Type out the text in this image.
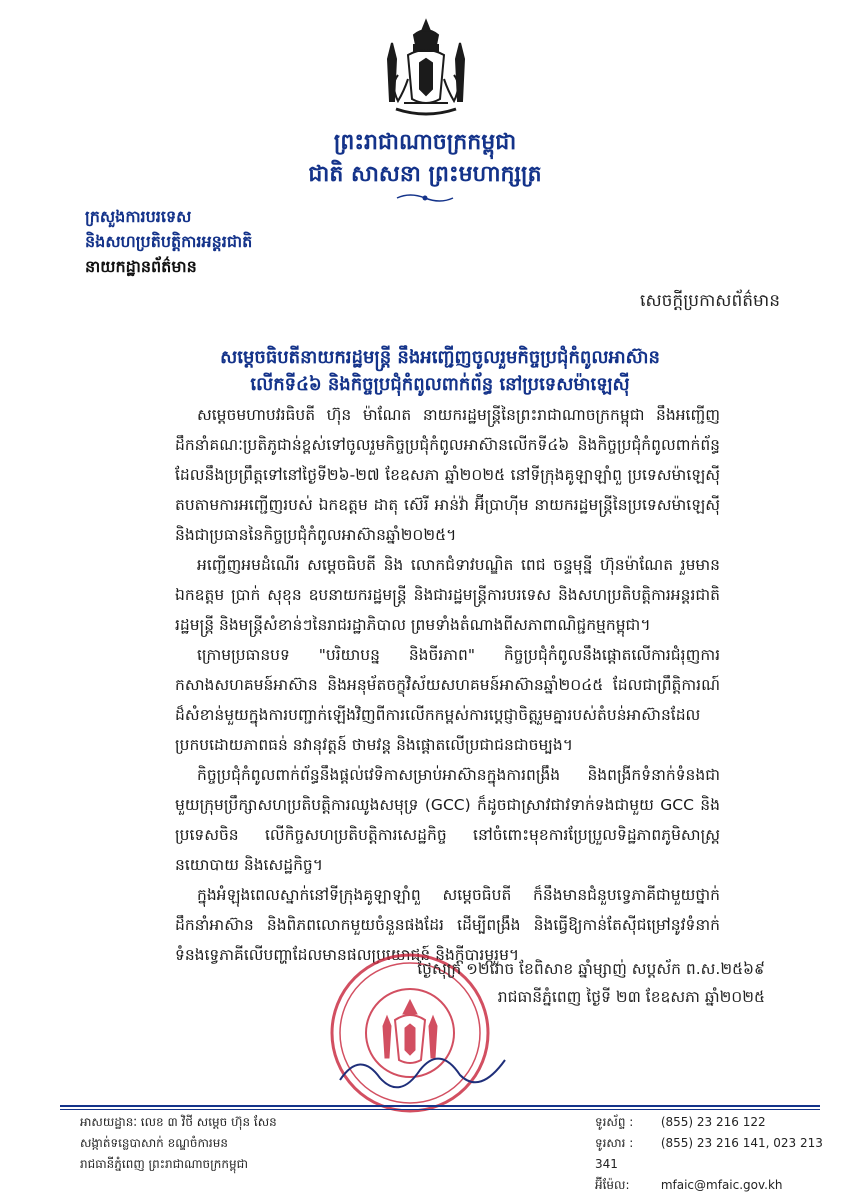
ព្រះរាជាណាចក្រកម្ពុជា
ជាតិ សាសនា ព្រះមហាក្សត្រ
ក្រសួងការបរទេស
និងសហប្រតិបត្តិការអន្តរជាតិ
នាយកដ្ឋានព័ត៌មាន
សេចក្តីប្រកាសព័ត៌មាន
សម្តេចធិបតីនាយករដ្ឋមន្ត្រី នឹងអញ្ជើញចូលរួមកិច្ចប្រជុំកំពូលអាស៊ាន
លើកទី៤៦ និងកិច្ចប្រជុំកំពូលពាក់ព័ន្ធ នៅប្រទេសម៉ាឡេស៊ី

សម្តេចមហាបវរធិបតី ហ៊ុន ម៉ាណែត នាយករដ្ឋមន្ត្រីនៃព្រះរាជាណាចក្រកម្ពុជា នឹងអញ្ជើញដឹកនាំគណៈប្រតិភូជាន់ខ្ពស់ទៅចូលរួមកិច្ចប្រជុំកំពូលអាស៊ានលើកទី៤៦ និងកិច្ចប្រជុំកំពូលពាក់ព័ន្ធដែលនឹងប្រព្រឹត្តទៅនៅថ្ងៃទី២៦-២៧ ខែឧសភា ឆ្នាំ២០២៥ នៅទីក្រុងគូឡាឡាំពួ ប្រទេសម៉ាឡេស៊ី តបតាមការអញ្ជើញរបស់ ឯកឧត្តម ដាតុ ស៊េរី អាន់វ៉ា អ៊ីប្រាហ៊ីម នាយករដ្ឋមន្ត្រីនៃប្រទេសម៉ាឡេស៊ី និងជាប្រធាននៃកិច្ចប្រជុំកំពូលអាស៊ានឆ្នាំ២០២៥។

អញ្ជើញអមដំណើរ សម្តេចធិបតី និង លោកជំទាវបណ្ឌិត ពេជ ចន្ទមុន្នី ហ៊ុនម៉ាណែត រួមមាន ឯកឧត្តម ប្រាក់ សុខុន ឧបនាយករដ្ឋមន្ត្រី និងជារដ្ឋមន្ត្រីការបរទេស និងសហប្រតិបត្តិការអន្តរជាតិ រដ្ឋមន្ត្រី និងមន្ត្រីសំខាន់ៗនៃរាជរដ្ឋាភិបាល ព្រមទាំងតំណាងពីសភាពាណិជ្ជកម្មកម្ពុជា។

ក្រោមប្រធានបទ "បរិយាបន្ន និងចីរភាព" កិច្ចប្រជុំកំពូលនឹងផ្តោតលើការជំរុញការកសាងសហគមន៍អាស៊ាន និងអនុម័តចក្ខុវិស័យសហគមន៍អាស៊ានឆ្នាំ២០៤៥ ដែលជាព្រឹត្តិការណ៍ដ៏សំខាន់មួយក្នុងការបញ្ជាក់ឡើងវិញពីការលើកកម្ពស់ការប្តេជ្ញាចិត្តរួមគ្នារបស់តំបន់អាស៊ានដែលប្រកបដោយភាពធន់ នវានុវត្តន៍ ថាមវន្ត និងផ្តោតលើប្រជាជនជាចម្បង។

កិច្ចប្រជុំកំពូលពាក់ព័ន្ធនឹងផ្តល់វេទិកាសម្រាប់អាស៊ានក្នុងការពង្រឹង និងពង្រីកទំនាក់ទំនងជាមួយក្រុមប្រឹក្សាសហប្រតិបត្តិការឈូងសមុទ្រ (GCC) ក៏ដូចជាស្រាវជាវទាក់ទងជាមួយ GCC និងប្រទេសចិន លើកិច្ចសហប្រតិបត្តិការសេដ្ឋកិច្ច នៅចំពោះមុខការប្រែប្រួលទិដ្ឋភាពភូមិសាស្ត្រនយោបាយ និងសេដ្ឋកិច្ច។

ក្នុងអំឡុងពេលស្នាក់នៅទីក្រុងគូឡាឡាំពួ សម្តេចធិបតី ក៏នឹងមានជំនួបទ្វេភាគីជាមួយថ្នាក់ដឹកនាំអាស៊ាន និងពិភពលោកមួយចំនួនផងដែរ ដើម្បីពង្រឹង និងធ្វើឱ្យកាន់តែស៊ីជម្រៅនូវទំនាក់ទំនងទ្វេភាគីលើបញ្ហាដែលមានផលប្រយោជន៍ និងក្តីបារម្ភរួម។

ថ្ងៃសុក្រ ១២រោច ខែពិសាខ ឆ្នាំម្សាញ់ សប្តស័ក ព.ស.២៥៦៩
រាជធានីភ្នំពេញ ថ្ងៃទី ២៣ ខែឧសភា ឆ្នាំ២០២៥
អាសយដ្ឋានៈ លេខ ៣ វិថី សម្តេច ហ៊ុន សែន
សង្កាត់ទន្លេបាសាក់ ខណ្ឌចំការមន
រាជធានីភ្នំពេញ ព្រះរាជាណាចក្រកម្ពុជា
ទូរស័ព្ទ : (855) 23 216 122
ទូរសារ : (855) 23 216 141, 023 213 341
អ៊ីម៉ែល:	mfaic@mfaic.gov.kh
